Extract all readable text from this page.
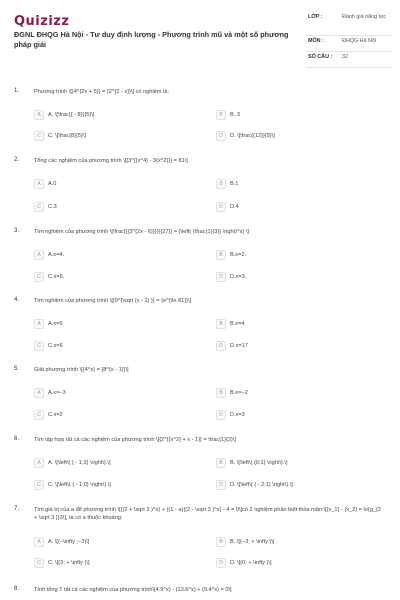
Quizizz
ĐGNL ĐHQG Hà Nội - Tư duy định lượng - Phương trình mũ và một số phương pháp giải
LỚP :	Đánh giá năng lực
MÔN :	ĐHQG Hà Nội
SỐ CÂU :	32
1.	Phương trình \[{4^{2x + 5}} = {2^{2 - x}}\] có nghiệm là:
A	A. \[\frac{{ - 8}}{5}\]	B	B. 3
C	C. \[\frac{8}{5}\]	D	D. \[\frac{{12}}{5}\]
2.	Tổng các nghiệm của phương trình \[{3^{{x^4} - 3{x^2}}} = 81\]
A	A.0	B	B.1
C	C.3	D	D.4
3.	Tìm nghiệm của phương trình \[\frac{{{3^{2x - 6}}}}{{27}} = {\left( {\frac{1}{3}} \right)^x} \]
A	A.x=4.	B	B.x=2.
C	C.x=5.	D	D.x=3.
4.	Tìm nghiệm của phương trình \[{9^{\sqrt {x - 1} }} = {e^{\ln 81}}\]
A	A.x=5	B	B.x=4
C	C.x=6	D	D.x=17
5.	Giải phương trình \[{4^x} = {8^{x - 1}}\]
A	A.x=−3	B	B.x=−2
C	C.x=2	D	D.x=3
6.	Tìm tập hợp tất cả các nghiệm của phương trình \[{2^{{x^2} + x - 1}} = \frac{1}{2}\]
A	A. \[\left\{ { - 1;2} \right\}.\]	B	B. \[\left\{ {0;1} \right\}.\]
C	C. \[\left\{ { - 1;0} \right\}.\]	D	D. \[\left\{ { - 2;1} \right\}.\]
7.	Tìm giá trị của a để phương trình \[{(2 + \sqrt 3 )^x} + {(1 - a){(2 - \sqrt 3 )^x} - 4 = 0\]có 2 nghiệm phân biệt thỏa mãn:\[{x_1} - {x_2} = lo{g_{2 + \sqrt 3 }}3\], ta có a thuộc khoảng:
A	A. \[(−\infty ;−3)\]	B	B. \[(−3; + \infty )\]
C	C. \[(3; + \infty )\]	D	D. \[(0; + \infty )\]
8.	Tính tổng T tất cả các nghiệm của phương trình\[4.9^x) - (13.6^x) + (9.4^x) = 0\]
